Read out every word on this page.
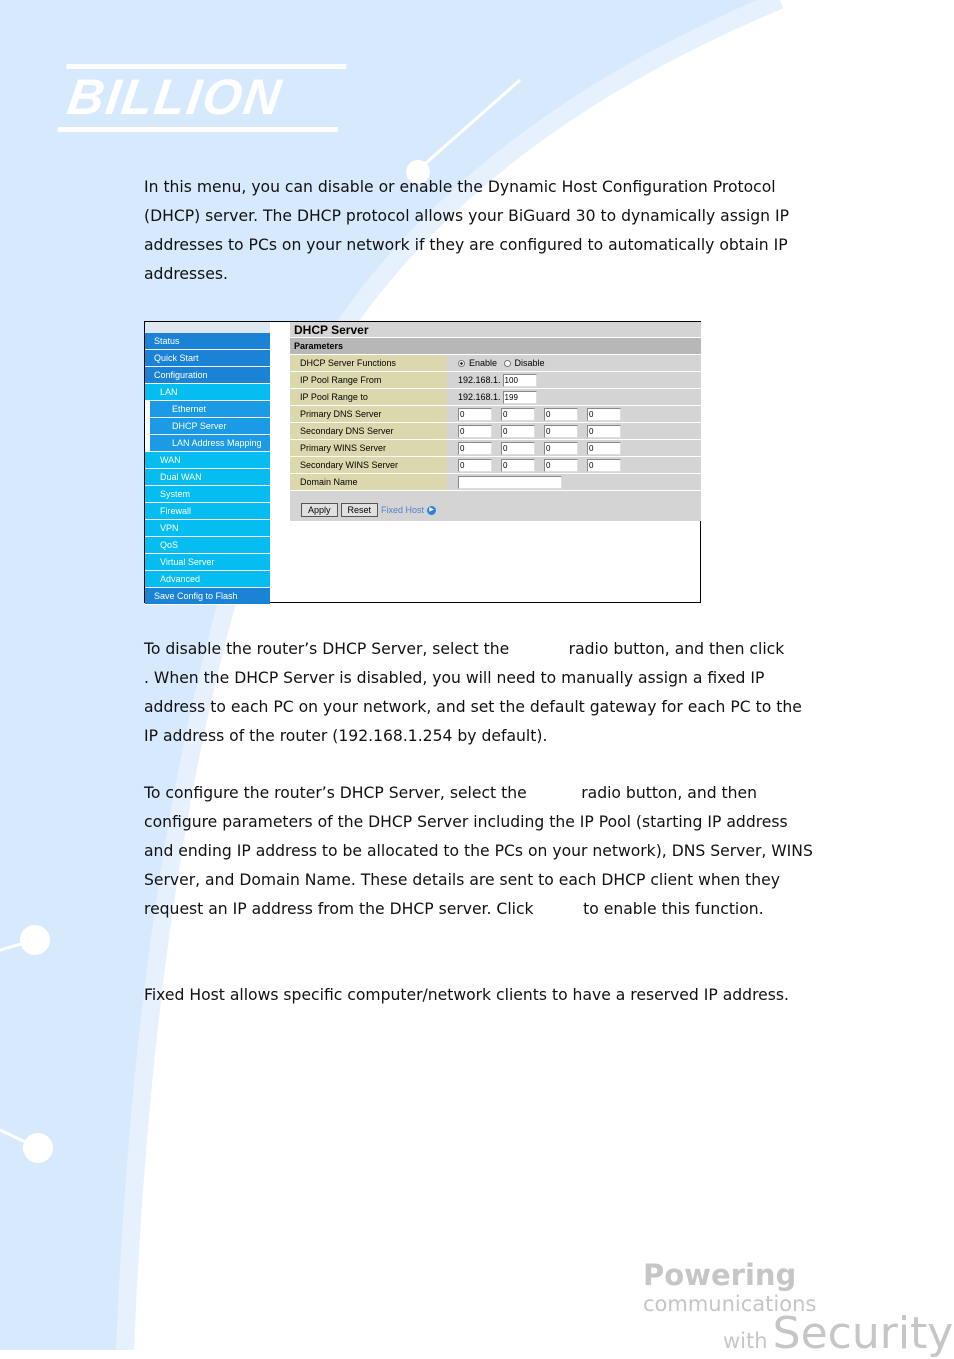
BILLION

In this menu, you can disable or enable the Dynamic Host Configuration Protocol (DHCP) server. The DHCP protocol allows your BiGuard 30 to dynamically assign IP addresses to PCs on your network if they are configured to automatically obtain IP addresses.

Status
Quick Start
Configuration
LAN
Ethernet
DHCP Server
LAN Address Mapping
WAN
Dual WAN
System
Firewall
VPN
QoS
Virtual Server
Advanced
Save Config to Flash
DHCP Server
Parameters
DHCP Server Functions	Enable
Disable
IP Pool Range From	192.168.1. 100
IP Pool Range to	192.168.1. 199
Primary DNS Server	0	0	0	0
Secondary DNS Server	0	0	0	0
Primary WINS Server	0	0	0	0
Secondary WINS Server	0	0	0	0
Domain Name
Apply	Reset	Fixed Host ▶

To disable the router’s DHCP Server, select the            radio button, and then click          . When the DHCP Server is disabled, you will need to manually assign a fixed IP address to each PC on your network, and set the default gateway for each PC to the IP address of the router (192.168.1.254 by default).

To configure the router’s DHCP Server, select the           radio button, and then configure parameters of the DHCP Server including the IP Pool (starting IP address and ending IP address to be allocated to the PCs on your network), DNS Server, WINS Server, and Domain Name. These details are sent to each DHCP client when they request an IP address from the DHCP server. Click          to enable this function.

Fixed Host allows specific computer/network clients to have a reserved IP address.

Powering communications
with Security
